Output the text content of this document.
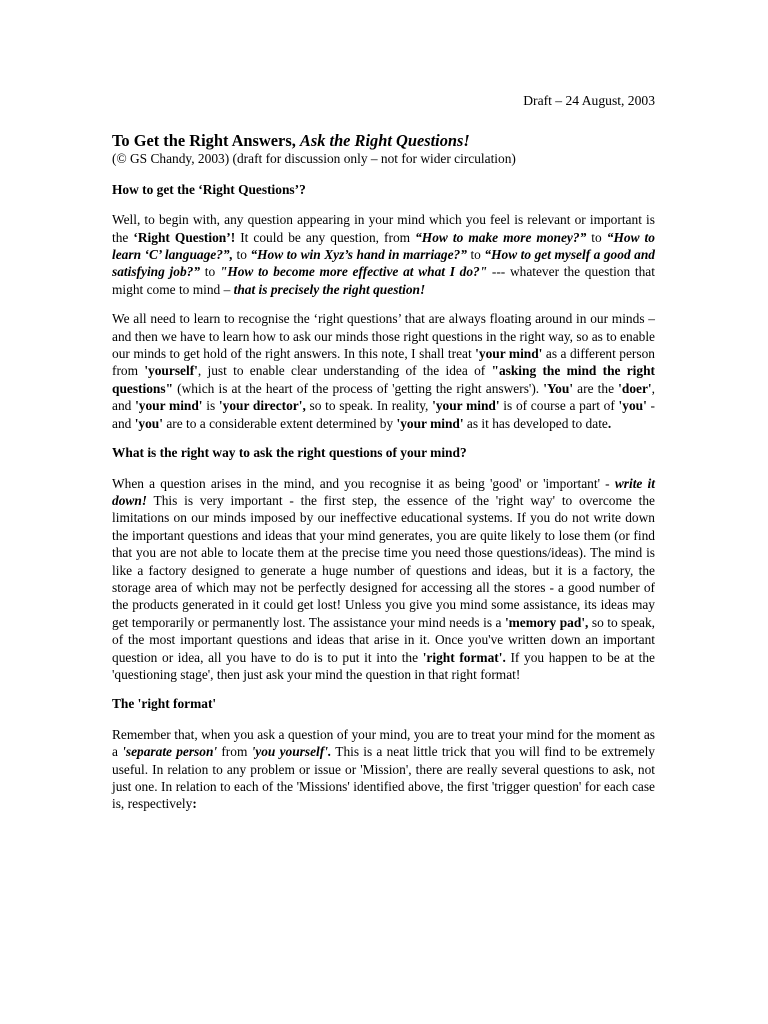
Draft – 24 August, 2003

To Get the Right Answers, Ask the Right Questions!

(© GS Chandy, 2003) (draft for discussion only – not for wider circulation)

How to get the ‘Right Questions’?

Well, to begin with, any question appearing in your mind which you feel is relevant or important is the ‘Right Question’! It could be any question, from “How to make more money?” to “How to learn ‘C’ language?”, to “How to win Xyz’s hand in marriage?” to “How to get myself a good and satisfying job?” to "How to become more effective at what I do?" --- whatever the question that might come to mind – that is precisely the right question!

We all need to learn to recognise the ‘right questions’ that are always floating around in our minds – and then we have to learn how to ask our minds those right questions in the right way, so as to enable our minds to get hold of the right answers. In this note, I shall treat 'your mind' as a different person from 'yourself', just to enable clear understanding of the idea of "asking the mind the right questions" (which is at the heart of the process of 'getting the right answers'). 'You' are the 'doer', and 'your mind' is 'your director', so to speak. In reality, 'your mind' is of course a part of 'you' - and 'you' are to a considerable extent determined by 'your mind' as it has developed to date.

What is the right way to ask the right questions of your mind?

When a question arises in the mind, and you recognise it as being 'good' or 'important' - write it down! This is very important - the first step, the essence of the 'right way' to overcome the limitations on our minds imposed by our ineffective educational systems. If you do not write down the important questions and ideas that your mind generates, you are quite likely to lose them (or find that you are not able to locate them at the precise time you need those questions/ideas). The mind is like a factory designed to generate a huge number of questions and ideas, but it is a factory, the storage area of which may not be perfectly designed for accessing all the stores - a good number of the products generated in it could get lost! Unless you give you mind some assistance, its ideas may get temporarily or permanently lost. The assistance your mind needs is a 'memory pad', so to speak, of the most important questions and ideas that arise in it. Once you've written down an important question or idea, all you have to do is to put it into the 'right format'. If you happen to be at the 'questioning stage', then just ask your mind the question in that right format!

The 'right format'

Remember that, when you ask a question of your mind, you are to treat your mind for the moment as a 'separate person' from 'you yourself'. This is a neat little trick that you will find to be extremely useful. In relation to any problem or issue or 'Mission', there are really several questions to ask, not just one. In relation to each of the 'Missions' identified above, the first 'trigger question' for each case is, respectively:
